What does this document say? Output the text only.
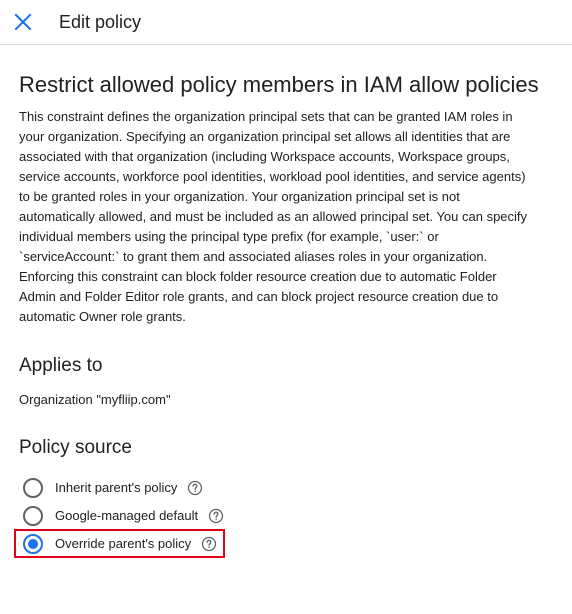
Edit policy
Restrict allowed policy members in IAM allow policies
This constraint defines the organization principal sets that can be granted IAM roles in your organization. Specifying an organization principal set allows all identities that are associated with that organization (including Workspace accounts, Workspace groups, service accounts, workforce pool identities, workload pool identities, and service agents) to be granted roles in your organization. Your organization principal set is not automatically allowed, and must be included as an allowed principal set. You can specify individual members using the principal type prefix (for example, `user:` or `serviceAccount:` to grant them and associated aliases roles in your organization. Enforcing this constraint can block folder resource creation due to automatic Folder Admin and Folder Editor role grants, and can block project resource creation due to automatic Owner role grants.
Applies to
Organization "myfliip.com"
Policy source
Inherit parent's policy
Google-managed default
Override parent's policy
